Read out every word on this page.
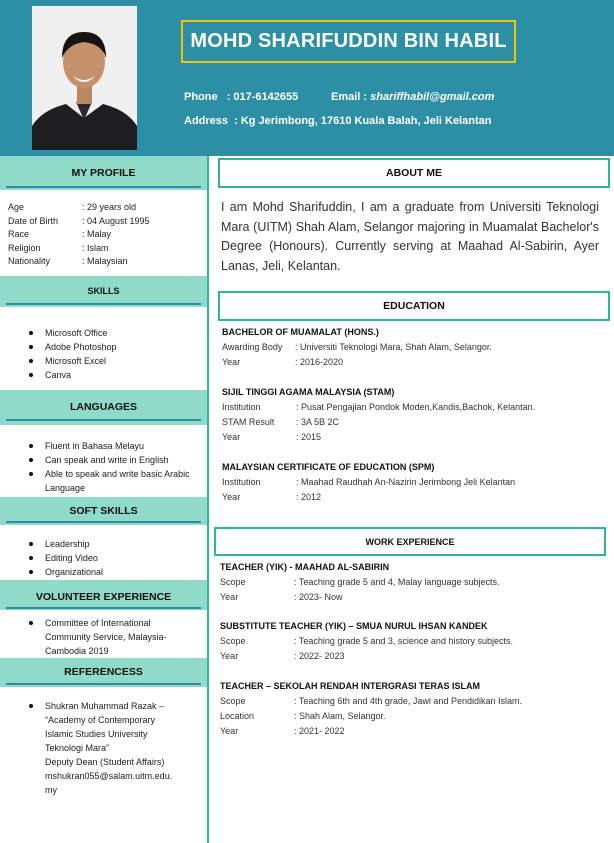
MOHD SHARIFUDDIN BIN HABIL
Phone : 017-6142655	Email : shariffhabil@gmail.com
Address : Kg Jerimbong, 17610 Kuala Balah, Jeli Kelantan
MY PROFILE
Age	: 29 years old
Date of Birth	: 04 August 1995
Race	: Malay
Religion	: Islam
Nationality	: Malaysian
SKILLS
Microsoft Office
Adobe Photoshop
Microsoft Excel
Canva
LANGUAGES
Fluent in Bahasa Melayu
Can speak and write in English
Able to speak and write basic Arabic Language
SOFT SKILLS
Leadership
Editing Video
Organizational
VOLUNTEER EXPERIENCE
Committee of International Community Service, Malaysia-Cambodia 2019
REFERENCESS
Shukran Muhammad Razak –
“Academy of Contemporary
Islamic Studies University
Teknologi Mara”
Deputy Dean (Student Affairs)
mshukran055@salam.uitm.edu.
my
ABOUT ME
I am Mohd Sharifuddin, I am a graduate from Universiti Teknologi Mara (UITM) Shah Alam, Selangor majoring in Muamalat Bachelor's Degree (Honours). Currently serving at Maahad Al-Sabirin, Ayer Lanas, Jeli, Kelantan.
EDUCATION
BACHELOR OF MUAMALAT (HONS.)
Awarding Body : Universiti Teknologi Mara, Shah Alam, Selangor.
Year	: 2016-2020
SIJIL TINGGI AGAMA MALAYSIA (STAM)
Institution	: Pusat Pengajian Pondok Moden,Kandis,Bachok, Kelantan.
STAM Result : 3A 5B 2C
Year	: 2015
MALAYSIAN CERTIFICATE OF EDUCATION (SPM)
Institution	: Maahad Raudhah An-Nazirin Jerimbong Jeli Kelantan
Year	: 2012
WORK EXPERIENCE
TEACHER (YIK) - MAAHAD AL-SABIRIN
Scope	: Teaching grade 5 and 4, Malay language subjects.
Year	: 2023- Now
SUBSTITUTE TEACHER (YIK) – SMUA NURUL IHSAN KANDEK
Scope	: Teaching grade 5 and 3, science and history subjects.
Year	: 2022- 2023
TEACHER – SEKOLAH RENDAH INTERGRASI TERAS ISLAM
Scope	: Teaching 6th and 4th grade, Jawi and Pendidikan Islam.
Location	: Shah Alam, Selangor.
Year	: 2021- 2022
